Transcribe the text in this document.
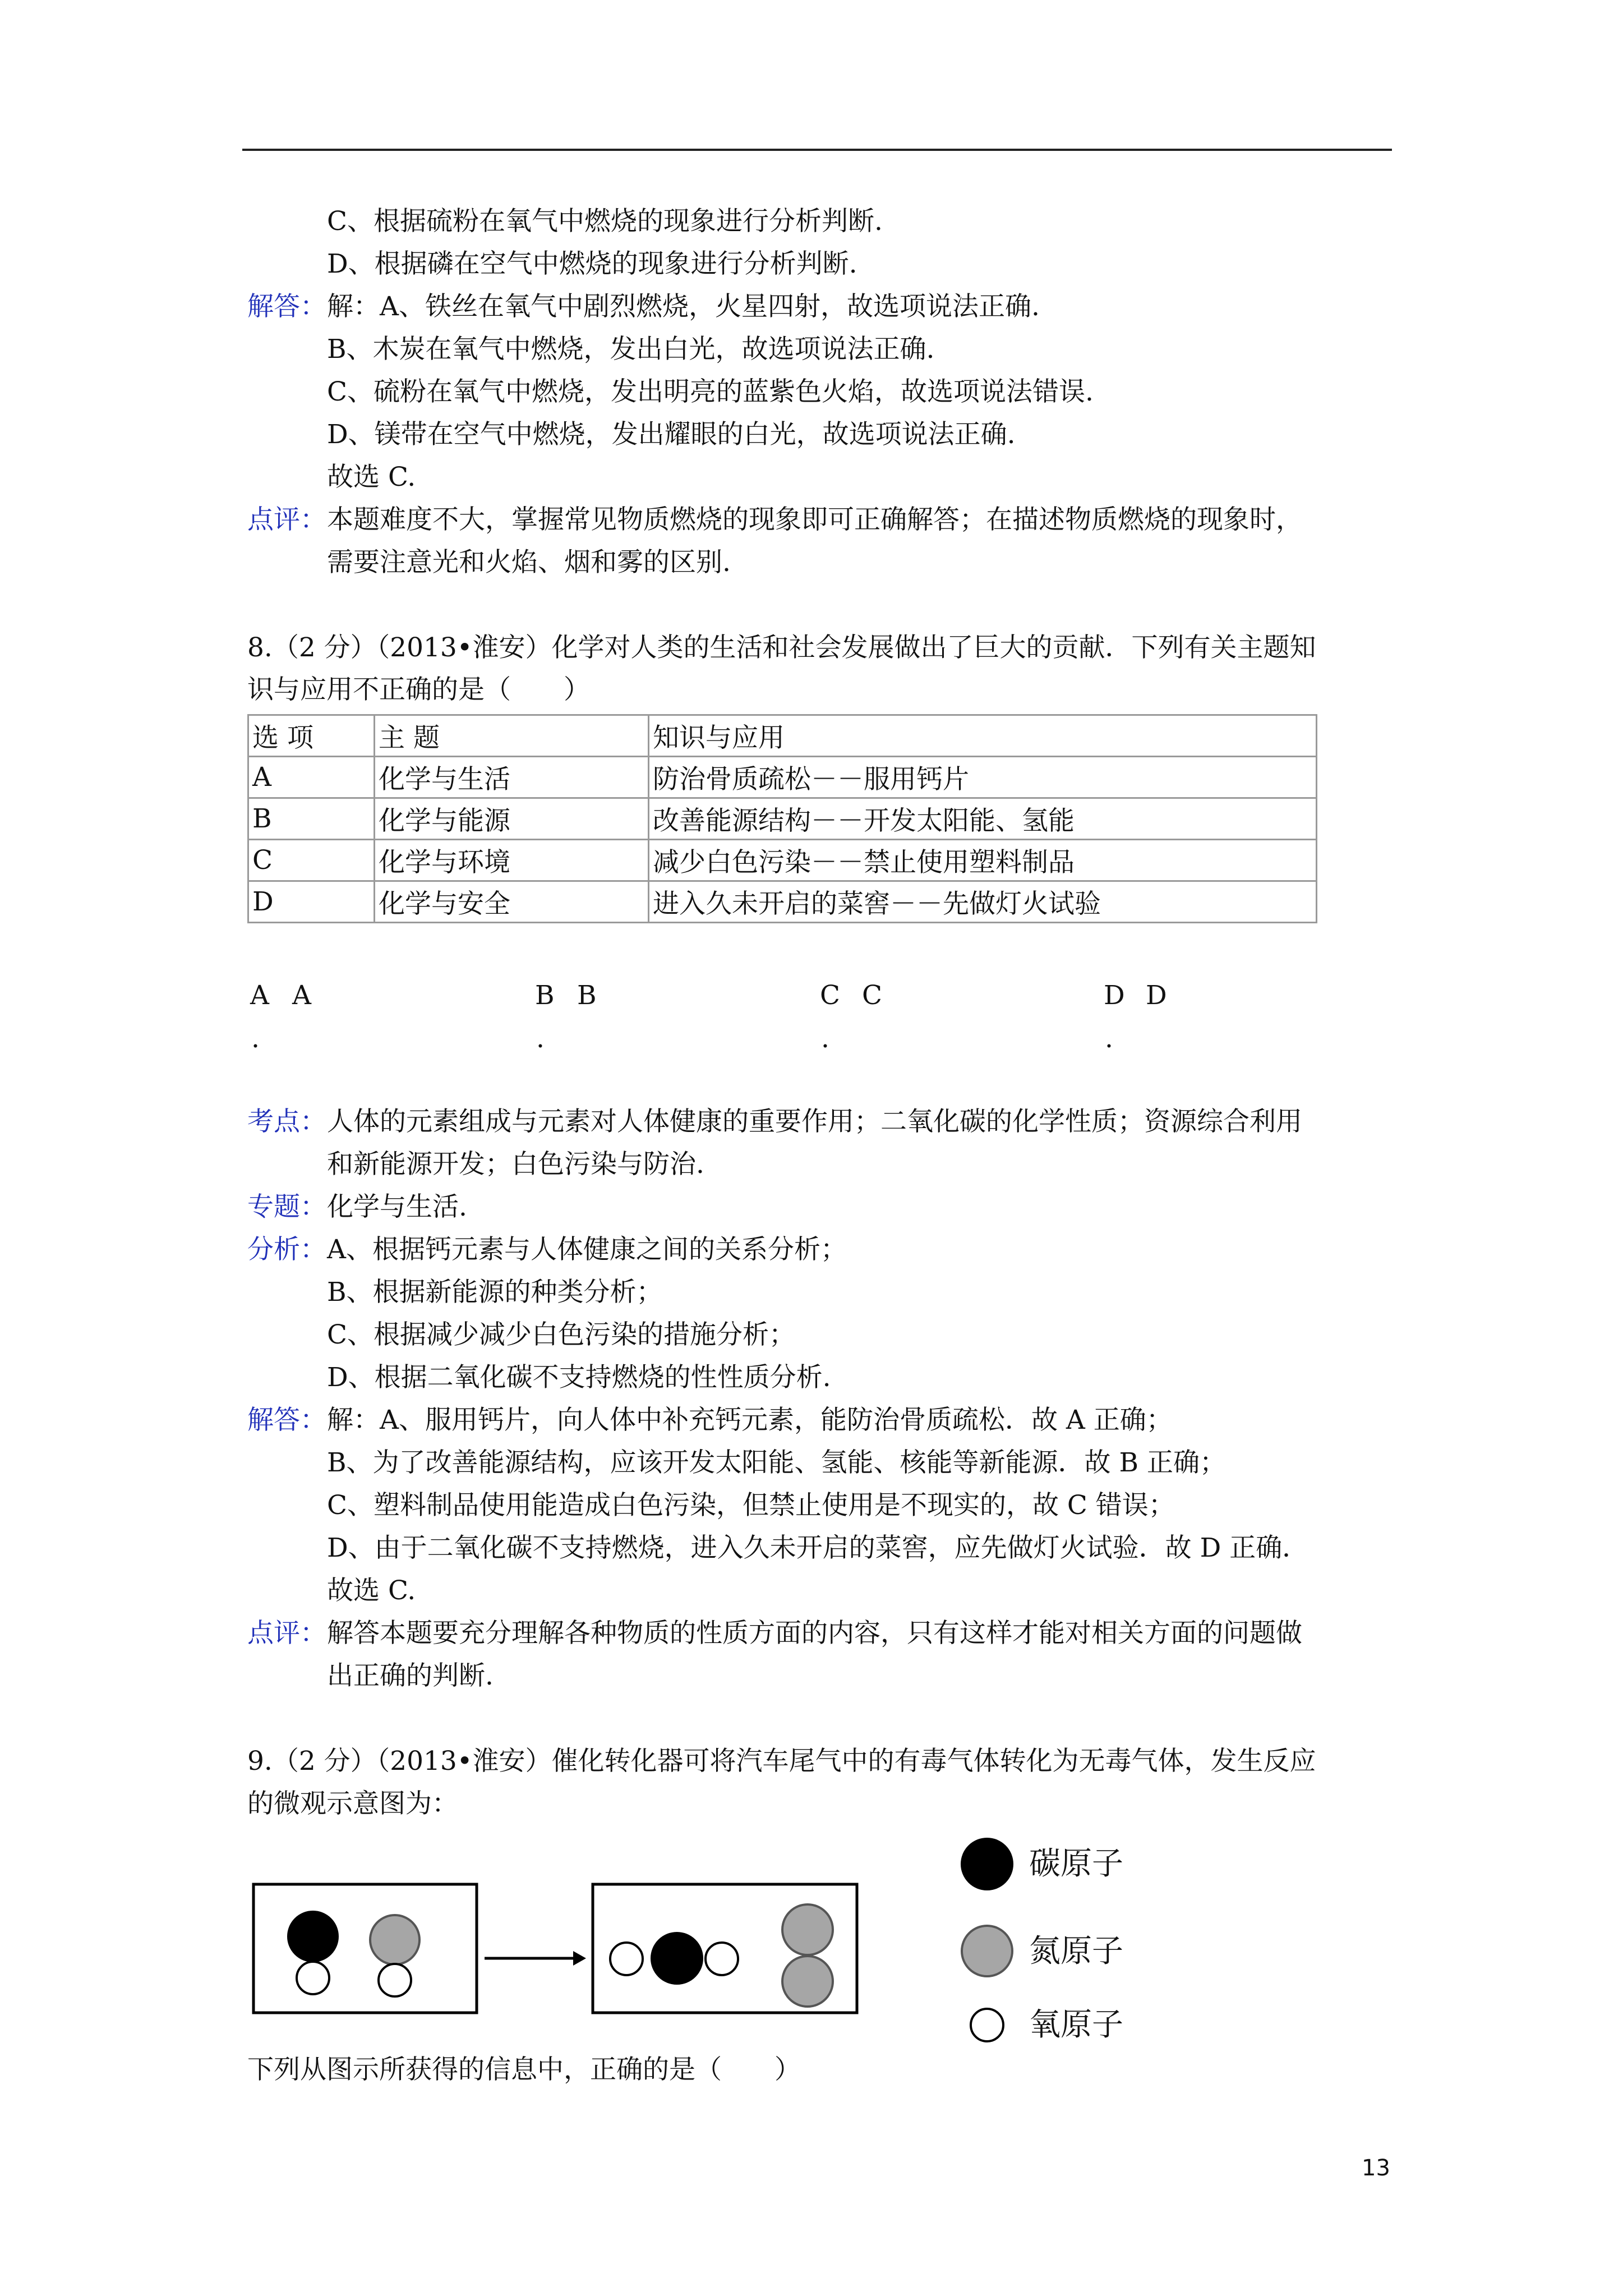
C、根据硫粉在氧气中燃烧的现象进行分析判断.
D、根据磷在空气中燃烧的现象进行分析判断.
解答： 解：A、铁丝在氧气中剧烈燃烧，火星四射，故选项说法正确.
B、木炭在氧气中燃烧，发出白光，故选项说法正确.
C、硫粉在氧气中燃烧，发出明亮的蓝紫色火焰，故选项说法错误.
D、镁带在空气中燃烧，发出耀眼的白光，故选项说法正确.
故选 C.
点评： 本题难度不大，掌握常见物质燃烧的现象即可正确解答；在描述物质燃烧的现象时，
需要注意光和火焰、烟和雾的区别.
8.（2 分）（2013•淮安）化学对人类的生活和社会发展做出了巨大的贡献．下列有关主题知
识与应用不正确的是（　　）
选 项	主 题	知识与应用
A	化学与生活	防治骨质疏松－－服用钙片
B	化学与能源	改善能源结构－－开发太阳能、氢能
C	化学与环境	减少白色污染－－禁止使用塑料制品
D	化学与安全	进入久未开启的菜窖－－先做灯火试验
A A
.
B B
.
C C
.
D D
.
考点： 人体的元素组成与元素对人体健康的重要作用；二氧化碳的化学性质；资源综合利用
和新能源开发；白色污染与防治.
专题： 化学与生活.
分析： A、根据钙元素与人体健康之间的关系分析；
B、根据新能源的种类分析；
C、根据减少减少白色污染的措施分析；
D、根据二氧化碳不支持燃烧的性性质分析.
解答： 解：A、服用钙片，向人体中补充钙元素，能防治骨质疏松．故 A 正确；
B、为了改善能源结构，应该开发太阳能、氢能、核能等新能源．故 B 正确；
C、塑料制品使用能造成白色污染，但禁止使用是不现实的，故 C 错误；
D、由于二氧化碳不支持燃烧，进入久未开启的菜窖，应先做灯火试验．故 D 正确．
故选 C.
点评： 解答本题要充分理解各种物质的性质方面的内容，只有这样才能对相关方面的问题做
出正确的判断.
9.（2 分）（2013•淮安）催化转化器可将汽车尾气中的有毒气体转化为无毒气体，发生反应
的微观示意图为：
碳原子
氮原子
氧原子
下列从图示所获得的信息中，正确的是（　　）
13
